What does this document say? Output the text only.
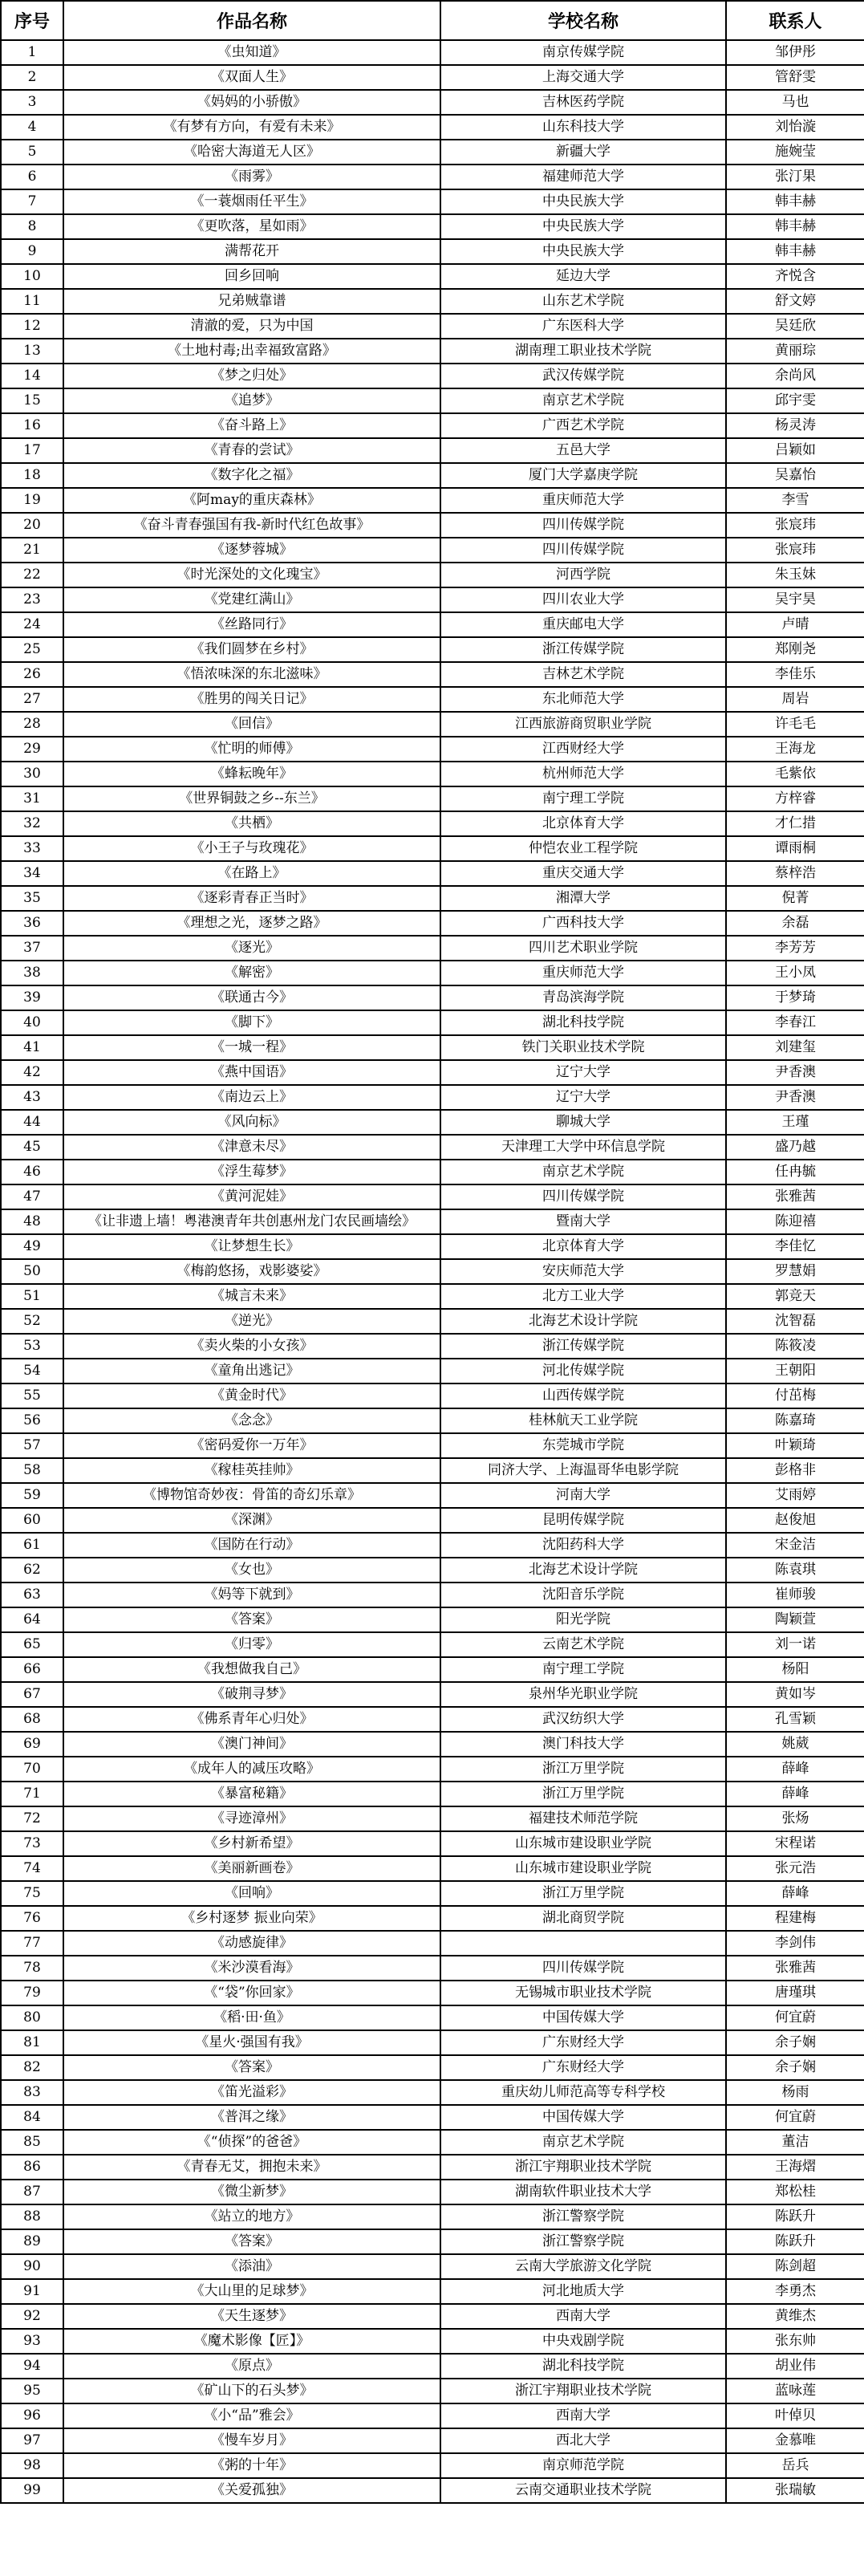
序号	作品名称	学校名称	联系人
1	《虫知道》	南京传媒学院	邹伊彤
2	《双面人生》	上海交通大学	管舒雯
3	《妈妈的小骄傲》	吉林医药学院	马也
4	《有梦有方向，有爱有未来》	山东科技大学	刘怡漩
5	《哈密大海道无人区》	新疆大学	施婉莹
6	《雨雾》	福建师范大学	张汀果
7	《一蓑烟雨任平生》	中央民族大学	韩丰赫
8	《更吹落，星如雨》	中央民族大学	韩丰赫
9	满帮花开	中央民族大学	韩丰赫
10	回乡回响	延边大学	齐悦含
11	兄弟贼靠谱	山东艺术学院	舒文婷
12	清澈的爱，只为中国	广东医科大学	吴廷欣
13	《土地村毒;出幸福致富路》	湖南理工职业技术学院	黄丽琮
14	《梦之归处》	武汉传媒学院	余尚风
15	《追梦》	南京艺术学院	邱宇雯
16	《奋斗路上》	广西艺术学院	杨灵涛
17	《青春的尝试》	五邑大学	吕颖如
18	《数字化之福》	厦门大学嘉庚学院	吴嘉怡
19	《阿may的重庆森林》	重庆师范大学	李雪
20	《奋斗青春强国有我-新时代红色故事》	四川传媒学院	张宸玮
21	《逐梦蓉城》	四川传媒学院	张宸玮
22	《时光深处的文化瑰宝》	河西学院	朱玉妹
23	《党建红满山》	四川农业大学	吴宇昊
24	《丝路同行》	重庆邮电大学	卢晴
25	《我们圆梦在乡村》	浙江传媒学院	郑刚尧
26	《悟浓味深的东北滋味》	吉林艺术学院	李佳乐
27	《胜男的闯关日记》	东北师范大学	周岩
28	《回信》	江西旅游商贸职业学院	许毛毛
29	《忙明的师傅》	江西财经大学	王海龙
30	《蜂耘晚年》	杭州师范大学	毛紫依
31	《世界铜鼓之乡--东兰》	南宁理工学院	方梓睿
32	《共栖》	北京体育大学	才仁措
33	《小王子与玫瑰花》	仲恺农业工程学院	谭雨桐
34	《在路上》	重庆交通大学	蔡梓浩
35	《逐彩青春正当时》	湘潭大学	倪菁
36	《理想之光，逐梦之路》	广西科技大学	余磊
37	《逐光》	四川艺术职业学院	李芳芳
38	《解密》	重庆师范大学	王小凤
39	《联通古今》	青岛滨海学院	于梦琦
40	《脚下》	湖北科技学院	李春江
41	《一城一程》	铁门关职业技术学院	刘建玺
42	《燕中国语》	辽宁大学	尹香澳
43	《南边云上》	辽宁大学	尹香澳
44	《风向标》	聊城大学	王瑾
45	《津意未尽》	天津理工大学中环信息学院	盛乃越
46	《浮生莓梦》	南京艺术学院	任冉毓
47	《黄河泥娃》	四川传媒学院	张雅茜
48	《让非遗上墙！粤港澳青年共创惠州龙门农民画墙绘》	暨南大学	陈迎禧
49	《让梦想生长》	北京体育大学	李佳忆
50	《梅韵悠扬，戏影婆娑》	安庆师范大学	罗慧娟
51	《城言未来》	北方工业大学	郭竞天
52	《逆光》	北海艺术设计学院	沈智磊
53	《卖火柴的小女孩》	浙江传媒学院	陈筱凌
54	《童角出逃记》	河北传媒学院	王朝阳
55	《黄金时代》	山西传媒学院	付茁梅
56	《念念》	桂林航天工业学院	陈嘉琦
57	《密码爱你一万年》	东莞城市学院	叶颖琦
58	《稼桂英挂帅》	同济大学、上海温哥华电影学院	彭格非
59	《博物馆奇妙夜：骨笛的奇幻乐章》	河南大学	艾雨婷
60	《深渊》	昆明传媒学院	赵俊旭
61	《国防在行动》	沈阳药科大学	宋金洁
62	《女也》	北海艺术设计学院	陈袁琪
63	《妈等下就到》	沈阳音乐学院	崔师骏
64	《答案》	阳光学院	陶颖萱
65	《归零》	云南艺术学院	刘一诺
66	《我想做我自己》	南宁理工学院	杨阳
67	《破荆寻梦》	泉州华光职业学院	黄如岑
68	《佛系青年心归处》	武汉纺织大学	孔雪颖
69	《澳门神间》	澳门科技大学	姚葳
70	《成年人的减压攻略》	浙江万里学院	薛峰
71	《暴富秘籍》	浙江万里学院	薛峰
72	《寻迹漳州》	福建技术师范学院	张炀
73	《乡村新希望》	山东城市建设职业学院	宋程诺
74	《美丽新画卷》	山东城市建设职业学院	张元浩
75	《回响》	浙江万里学院	薛峰
76	《乡村逐梦 振业向荣》	湖北商贸学院	程建梅
77	《动感旋律》		李剑伟
78	《米沙漠看海》	四川传媒学院	张雅茜
79	《“袋”你回家》	无锡城市职业技术学院	唐瑾琪
80	《稻·田·鱼》	中国传媒大学	何宜蔚
81	《星火·强国有我》	广东财经大学	余子娴
82	《答案》	广东财经大学	余子娴
83	《笛光溢彩》	重庆幼儿师范高等专科学校	杨雨
84	《普洱之缘》	中国传媒大学	何宜蔚
85	《“侦探”的爸爸》	南京艺术学院	董洁
86	《青春无艾，拥抱未来》	浙江宇翔职业技术学院	王海熠
87	《微尘新梦》	湖南软件职业技术大学	郑松桂
88	《站立的地方》	浙江警察学院	陈跃升
89	《答案》	浙江警察学院	陈跃升
90	《添油》	云南大学旅游文化学院	陈剑超
91	《大山里的足球梦》	河北地质大学	李勇杰
92	《天生逐梦》	西南大学	黄维杰
93	《魔术影像【匠】》	中央戏剧学院	张东帅
94	《原点》	湖北科技学院	胡业伟
95	《矿山下的石头梦》	浙江宇翔职业技术学院	蓝咏莲
96	《小“品”雅会》	西南大学	叶倬贝
97	《慢车岁月》	西北大学	金慕唯
98	《粥的十年》	南京师范学院	岳兵
99	《关爱孤独》	云南交通职业技术学院	张瑞敏
